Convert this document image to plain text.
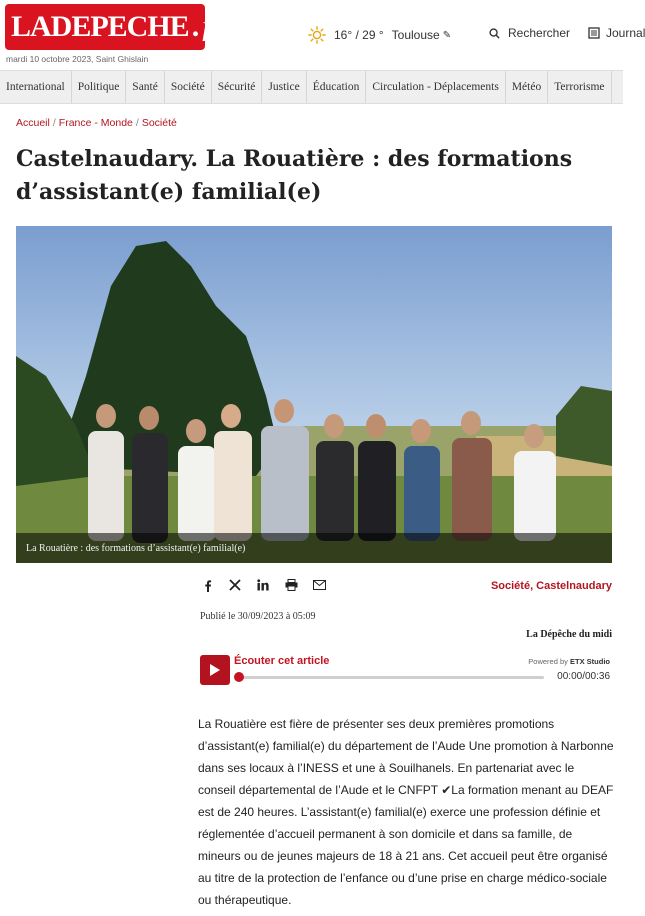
LADEPECHE . fr
mardi 10 octobre 2023, Saint Ghislain
16° / 29 ° Toulouse ✎	Rechercher	Journal
International	Politique	Santé	Société	Sécurité	Justice	Éducation	Circulation - Déplacements	Météo	Terrorisme
Accueil / France - Monde / Société
Castelnaudary. La Rouatière : des formations d’assistant(e) familial(e)
La Rouatière : des formations d’assistant(e) familial(e)
Société, Castelnaudary
Publié le 30/09/2023 à 05:09
La Dépêche du midi
Écouter cet article	Powered by ETX Studio
00:00/00:36

La Rouatière est fière de présenter ses deux premières promotions d’assistant(e) familial(e) du département de l’Aude Une promotion à Narbonne dans ses locaux à l’INESS et une à Souilhanels. En partenariat avec le conseil départemental de l’Aude et le CNFPT ✔La formation menant au DEAF est de 240 heures. L’assistant(e) familial(e) exerce une profession définie et réglementée d’accueil permanent à son domicile et dans sa famille, de mineurs ou de jeunes majeurs de 18 à 21 ans. Cet accueil peut être organisé au titre de la protection de l’enfance ou d’une prise en charge médico-sociale ou thérapeutique.
